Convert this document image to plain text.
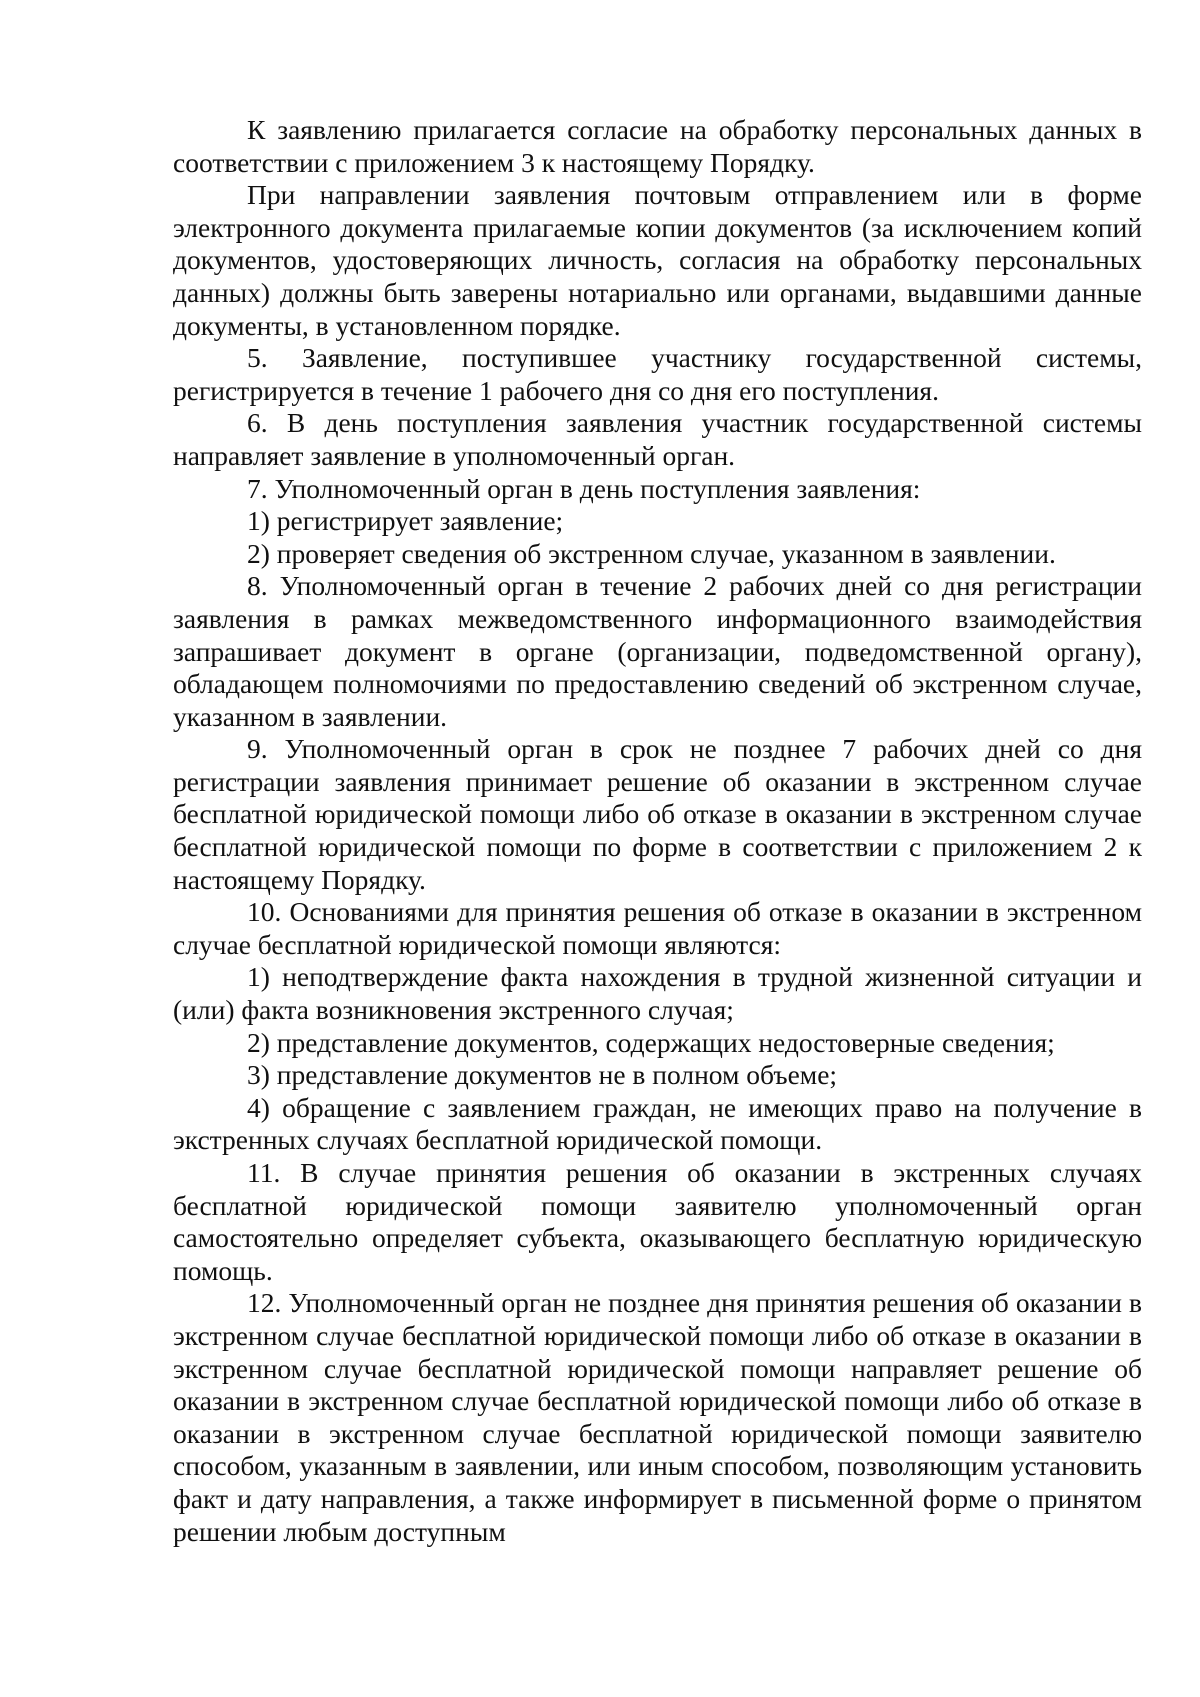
К заявлению прилагается согласие на обработку персональных данных в соответствии с приложением 3 к настоящему Порядку.

При направлении заявления почтовым отправлением или в форме электронного документа прилагаемые копии документов (за исключением копий документов, удостоверяющих личность, согласия на обработку персональных данных) должны быть заверены нотариально или органами, выдавшими данные документы, в установленном порядке.

5. Заявление, поступившее участнику государственной системы, регистрируется в течение 1 рабочего дня со дня его поступления.

6. В день поступления заявления участник государственной системы направляет заявление в уполномоченный орган.

7. Уполномоченный орган в день поступления заявления:

1) регистрирует заявление;

2) проверяет сведения об экстренном случае, указанном в заявлении.

8. Уполномоченный орган в течение 2 рабочих дней со дня регистрации заявления в рамках межведомственного информационного взаимодействия запрашивает документ в органе (организации, подведомственной органу), обладающем полномочиями по предоставлению сведений об экстренном случае, указанном в заявлении.

9. Уполномоченный орган в срок не позднее 7 рабочих дней со дня регистрации заявления принимает решение об оказании в экстренном случае бесплатной юридической помощи либо об отказе в оказании в экстренном случае бесплатной юридической помощи по форме в соответствии с приложением 2 к настоящему Порядку.

10. Основаниями для принятия решения об отказе в оказании в экстренном случае бесплатной юридической помощи являются:

1) неподтверждение факта нахождения в трудной жизненной ситуации и (или) факта возникновения экстренного случая;

2) представление документов, содержащих недостоверные сведения;

3) представление документов не в полном объеме;

4) обращение с заявлением граждан, не имеющих право на получение в экстренных случаях бесплатной юридической помощи.

11. В случае принятия решения об оказании в экстренных случаях бесплатной юридической помощи заявителю уполномоченный орган самостоятельно определяет субъекта, оказывающего бесплатную юридическую помощь.

12. Уполномоченный орган не позднее дня принятия решения об оказании в экстренном случае бесплатной юридической помощи либо об отказе в оказании в экстренном случае бесплатной юридической помощи направляет решение об оказании в экстренном случае бесплатной юридической помощи либо об отказе в оказании в экстренном случае бесплатной юридической помощи заявителю способом, указанным в заявлении, или иным способом, позволяющим установить факт и дату направления, а также информирует в письменной форме о принятом решении любым доступным
